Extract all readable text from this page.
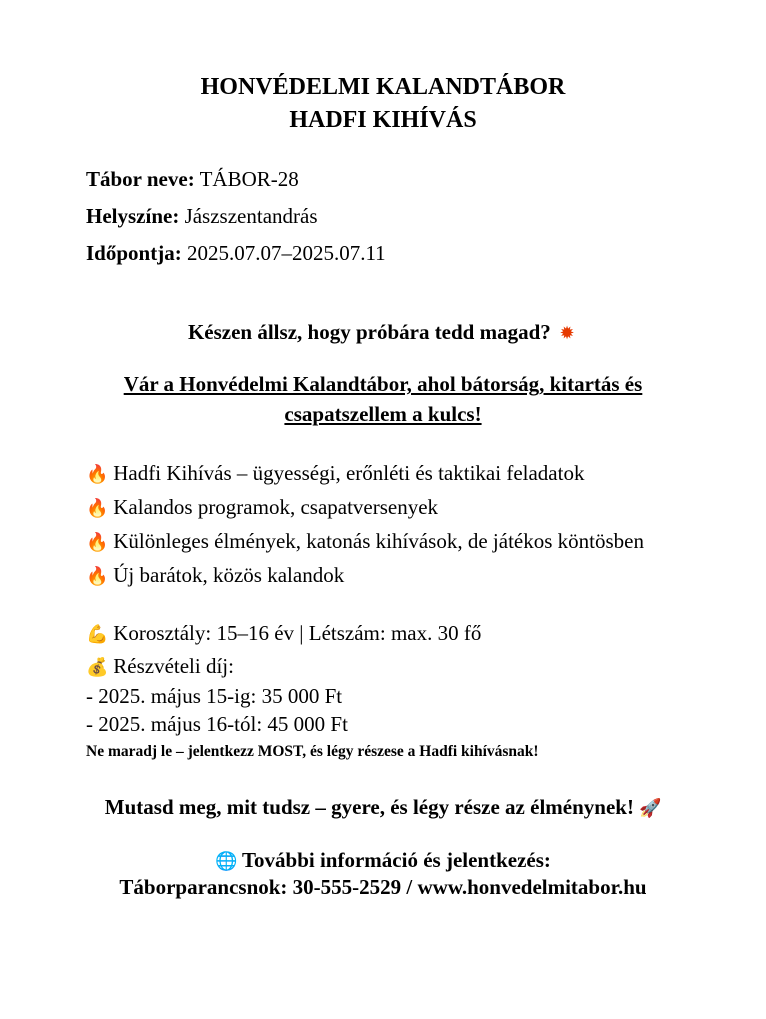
HONVÉDELMI KALANDTÁBOR
HADFI KIHÍVÁS
Tábor neve: TÁBOR-28
Helyszíne: Jászszentandrás
Időpontja: 2025.07.07–2025.07.11
Készen állsz, hogy próbára tedd magad? ✹
Vár a Honvédelmi Kalandtábor, ahol bátorság, kitartás és
csapatszellem a kulcs!
🔥 Hadfi Kihívás – ügyességi, erőnléti és taktikai feladatok
🔥 Kalandos programok, csapatversenyek
🔥 Különleges élmények, katonás kihívások, de játékos köntösben
🔥 Új barátok, közös kalandok
💪 Korosztály: 15–16 év | Létszám: max. 30 fő
💰 Részvételi díj:
- 2025. május 15-ig: 35 000 Ft
- 2025. május 16-tól: 45 000 Ft
Ne maradj le – jelentkezz MOST, és légy részese a Hadfi kihívásnak!
Mutasd meg, mit tudsz – gyere, és légy része az élménynek! 🚀
🌐 További információ és jelentkezés:
Táborparancsnok: 30-555-2529 / www.honvedelmitabor.hu
